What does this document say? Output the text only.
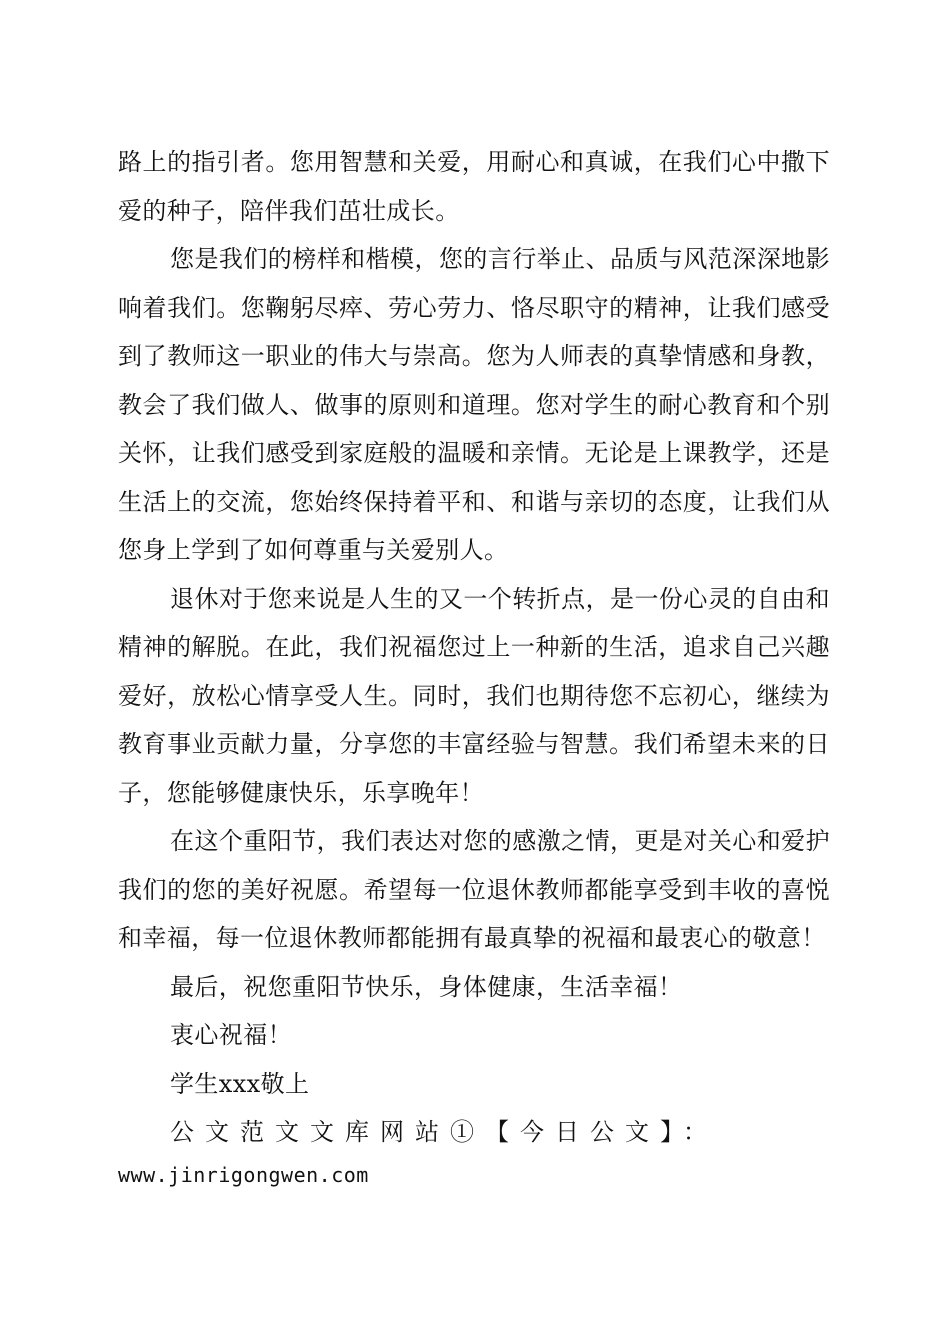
路上的指引者。您用智慧和关爱，用耐心和真诚，在我们心中撒下爱的种子，陪伴我们茁壮成长。

您是我们的榜样和楷模，您的言行举止、品质与风范深深地影响着我们。您鞠躬尽瘁、劳心劳力、恪尽职守的精神，让我们感受到了教师这一职业的伟大与崇高。您为人师表的真挚情感和身教，教会了我们做人、做事的原则和道理。您对学生的耐心教育和个别关怀，让我们感受到家庭般的温暖和亲情。无论是上课教学，还是生活上的交流，您始终保持着平和、和谐与亲切的态度，让我们从您身上学到了如何尊重与关爱别人。

退休对于您来说是人生的又一个转折点，是一份心灵的自由和精神的解脱。在此，我们祝福您过上一种新的生活，追求自己兴趣爱好，放松心情享受人生。同时，我们也期待您不忘初心，继续为教育事业贡献力量，分享您的丰富经验与智慧。我们希望未来的日子，您能够健康快乐，乐享晚年！

在这个重阳节，我们表达对您的感激之情，更是对关心和爱护我们的您的美好祝愿。希望每一位退休教师都能享受到丰收的喜悦和幸福，每一位退休教师都能拥有最真挚的祝福和最衷心的敬意！

最后，祝您重阳节快乐，身体健康，生活幸福！

衷心祝福！

学生xxx敬上

公文范文文库网站①【今日公文】：

www.jinrigongwen.com
